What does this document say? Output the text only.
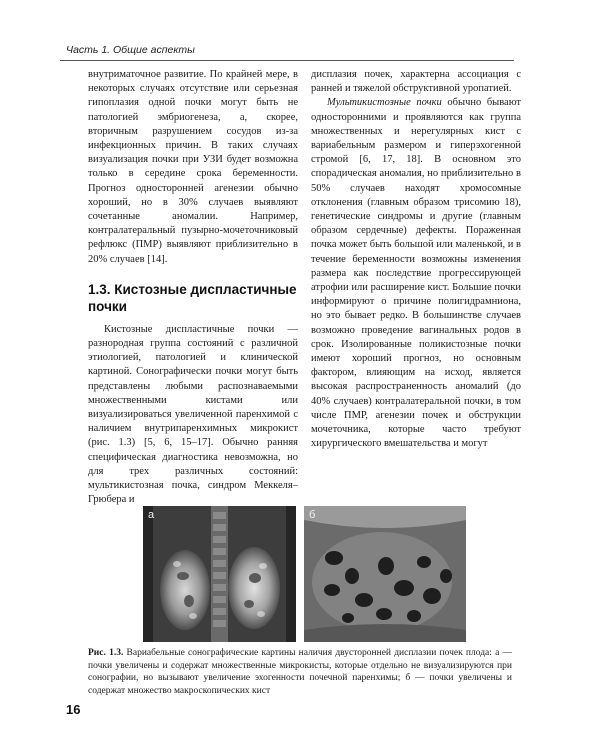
Часть 1. Общие аспекты

внутриматочное развитие. По крайней мере, в некоторых случаях отсутствие или серьезная гипоплазия одной почки могут быть не патологией эмбриогенеза, а, скорее, вторичным разрушением сосудов из-за инфекционных причин. В таких случаях визуализация почки при УЗИ будет возможна только в середине срока беременности. Прогноз односторонней агенезии обычно хороший, но в 30% случаев выявляют сочетанные аномалии. Например, контралатеральный пузырно-мочеточниковый рефлюкс (ПМР) выявляют приблизительно в 20% случаев [14].

1.3. Кистозные диспластичные почки

Кистозные диспластичные почки — разнородная группа состояний с различной этиологией, патологией и клинической картиной. Сонографически почки могут быть представлены любыми распознаваемыми множественными кистами или визуализироваться увеличенной паренхимой с наличием внутрипаренхимных микрокист (рис. 1.3) [5, 6, 15–17]. Обычно ранняя специфическая диагностика невозможна, но для трех различных состояний: мультикистозная почка, синдром Меккеля–Грюбера и

дисплазия почек, характерна ассоциация с ранней и тяжелой обструктивной уропатией.

Мультикистозные почки обычно бывают односторонними и проявляются как группа множественных и нерегулярных кист с вариабельным размером и гиперэхогенной стромой [6, 17, 18]. В основном это спорадическая аномалия, но приблизительно в 50% случаев находят хромосомные отклонения (главным образом трисомию 18), генетические синдромы и другие (главным образом сердечные) дефекты. Пораженная почка может быть большой или маленькой, и в течение беременности возможны изменения размера как последствие прогрессирующей атрофии или расширение кист. Большие почки информируют о причине полигидрамниона, но это бывает редко. В большинстве случаев возможно проведение вагинальных родов в срок. Изолированные поликистозные почки имеют хороший прогноз, но основным фактором, влияющим на исход, является высокая распространенность аномалий (до 40% случаев) контралатеральной почки, в том числе ПМР, агенезии почек и обструкции мочеточника, которые часто требуют хирургического вмешательства и могут

а	б
Рис. 1.3. Вариабельные сонографические картины наличия двусторонней дисплазии почек плода: а — почки увеличены и содержат множественные микрокисты, которые отдельно не визуализируются при сонографии, но вызывают увеличение эхогенности почечной паренхимы; б — почки увеличены и содержат множество макроскопических кист
16
